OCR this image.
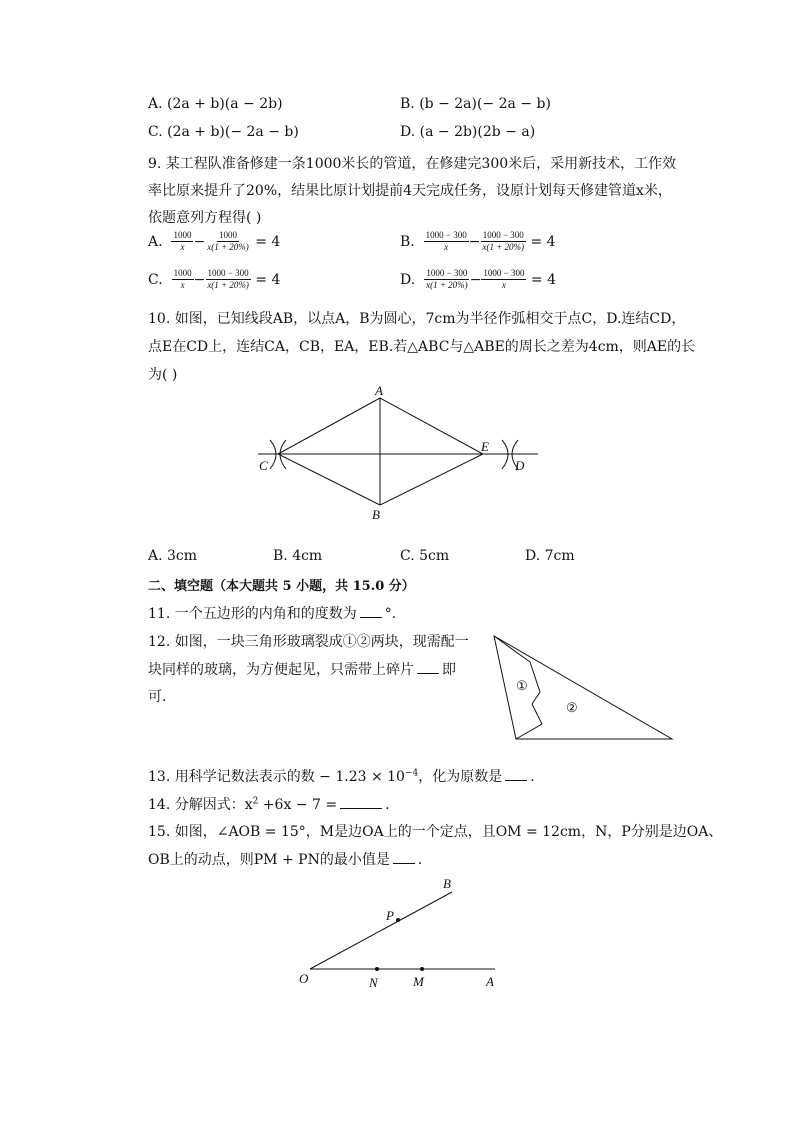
A. (2a + b)(a − 2b)	B. (b − 2a)(− 2a − b)
C. (2a + b)(− 2a − b)	D. (a − 2b)(2b − a)
9. 某工程队准备修建一条1000米长的管道，在修建完300米后，采用新技术，工作效
率比原来提升了20%，结果比原计划提前4天完成任务，设原计划每天修建管道x米，
依题意列方程得( )
A.
$\frac{1000}{x} - \frac{1000}{x(1 + 20\%)}$
= 4	B.
$\frac{1000 - 300}{x} - \frac{1000 - 300}{x(1 + 20\%)}$
= 4
C.
$\frac{1000}{x} - \frac{1000 - 300}{x(1 + 20\%)}$
= 4	D.
$\frac{1000 - 300}{x(1 + 20\%)} - \frac{1000 - 300}{x}$
= 4
10. 如图，已知线段AB，以点A，B为圆心，7cm为半径作弧相交于点C，D.连结CD，
点E在CD上，连结CA，CB，EA，EB.若△ABC与△ABE的周长之差为4cm，则AE的长
为( )
A
B
C
E
D
A. 3cm	B. 4cm	C. 5cm	D. 7cm
二、填空题（本大题共 5 小题，共 15.0 分）
11. 一个五边形的内角和的度数为 °.
12. 如图，一块三角形玻璃裂成①②两块，现需配一
块同样的玻璃，为方便起见，只需带上碎片 即
可.
①
②
13. 用科学记数法表示的数 − $1.23 \times 10^{-4}$，化为原数是 .
14. 分解因式：$x^2 +6x - 7$ =	.
15. 如图，∠AOB = 15°，M是边OA上的一个定点，且OM = 12cm，N，P分别是边OA、
OB上的动点，则PM + PN的最小值是 .
O	N	M	A
B
P
